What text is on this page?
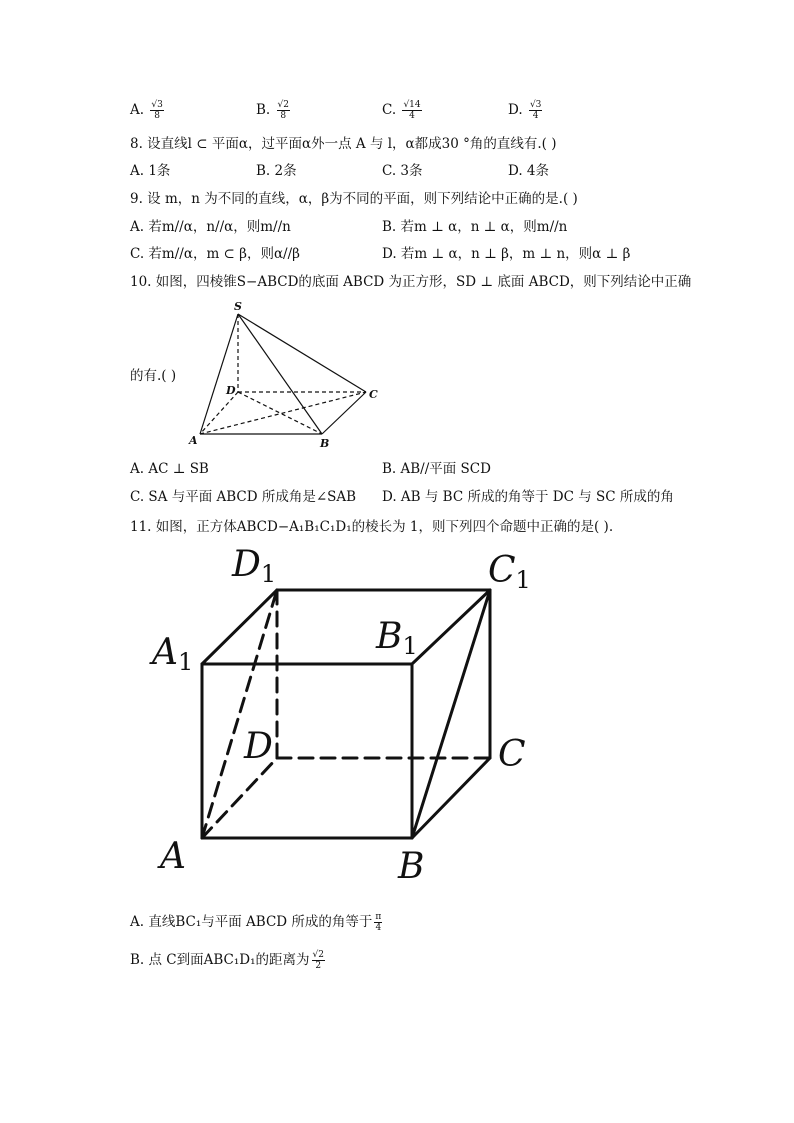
A. $\frac{√3}{8}$	B. $\frac{√2}{8}$	C. $\frac{√14}{4}$	D. $\frac{√3}{4}$
8. 设直线l ⊂ 平面α，过平面α外一点 A 与 l，α都成30 °角的直线有.( )
A. 1条	B. 2条	C. 3条	D. 4条
9. 设 m，n 为不同的直线，α，β为不同的平面，则下列结论中正确的是.( )
A. 若m//α，n//α，则m//n	B. 若m ⊥ α，n ⊥ α，则m//n
C. 若m//α，m ⊂ β，则α//β	D. 若m ⊥ α，n ⊥ β，m ⊥ n，则α ⊥ β
10. 如图，四棱锥S−ABCD的底面 ABCD 为正方形，SD ⊥ 底面 ABCD，则下列结论中正确
的有.( )
S
A	B
C
D
A. AC ⊥ SB	B. AB//平面 SCD
C. SA 与平面 ABCD 所成角是∠SAB D. AB 与 BC 所成的角等于 DC 与 SC 所成的角
11. 如图，正方体ABCD−A₁B₁C₁D₁的棱长为 1，则下列四个命题中正确的是( ).
D1	C1
A1
B1
D	C
A	B
A. 直线BC₁与平面 ABCD 所成的角等于 $\frac{\pi}{4}$
B. 点 C到面ABC₁D₁的距离为 $\frac{√2}{2}$
